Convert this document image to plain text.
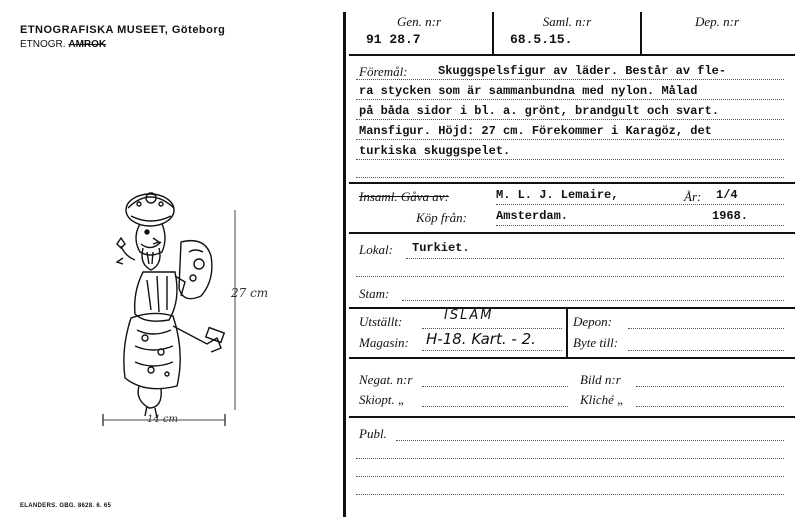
ETNOGRAFISKA MUSEET, Göteborg
ETNOGR. AMROK
27 cm
14 cm
ELANDERS. GBG. 8628. 6. 65
Gen. n:r
91 28.7
Saml. n:r
68.5.15.
Dep. n:r
Föremål:	Skuggspelsfigur av läder. Består av fle-
ra stycken som är sammanbundna med nylon. Målad
på båda sidor i bl. a. grönt, brandgult och svart.
Mansfigur. Höjd: 27 cm. Förekommer i Karagöz, det
turkiska skuggspelet.
Insaml. Gåva av:	M. L. J. Lemaire,	År: 1/4
Köp från: Amsterdam.	1968.
Lokal: Turkiet.
Stam:
Utställt:	ISLAM	Depon:
Magasin: H-18. Kart. - 2.	Byte till:
Negat. n:r	Bild n:r
Skiopt. „	Kliché „
Publ.
